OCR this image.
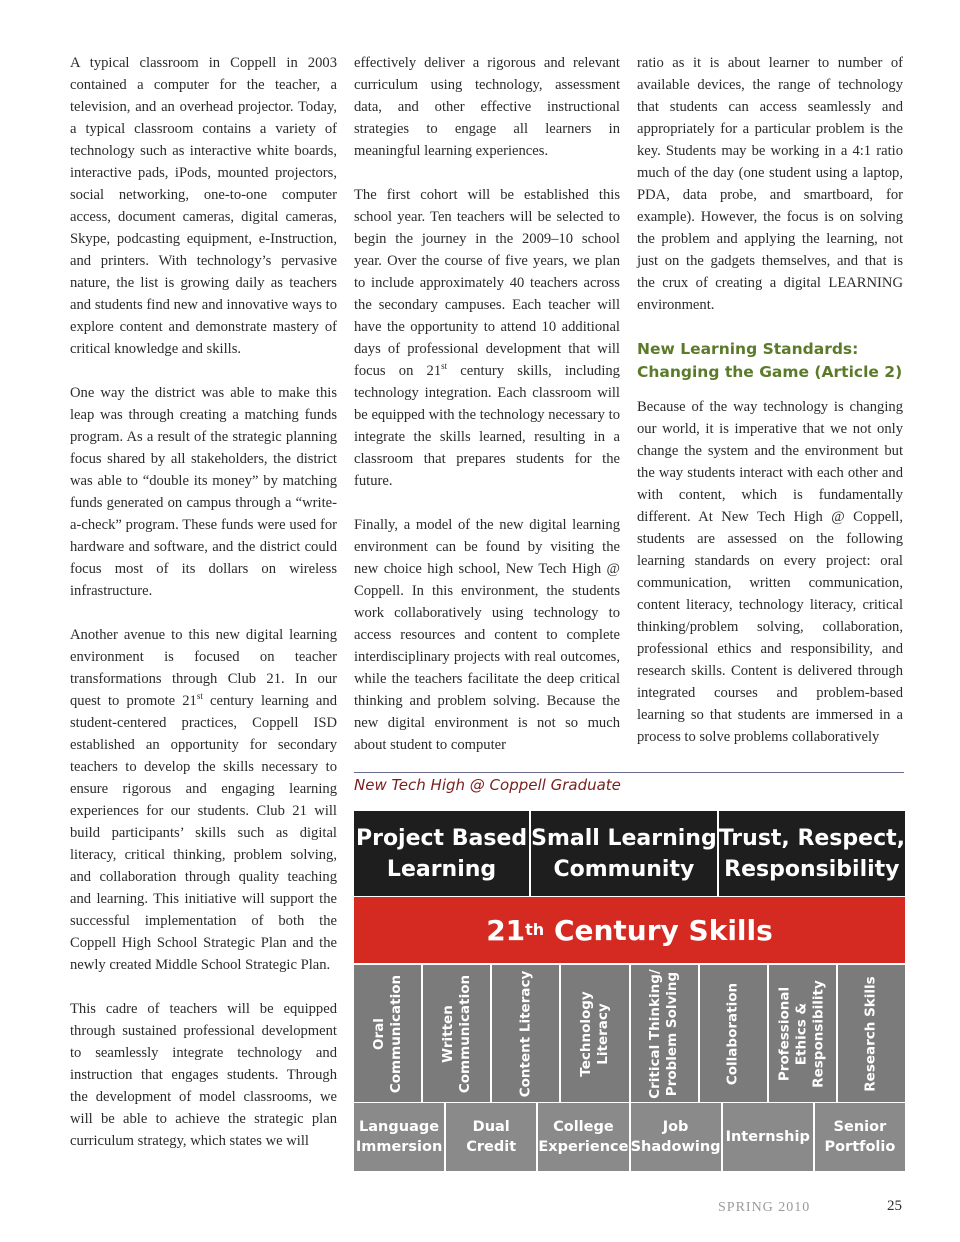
A typical classroom in Coppell in 2003 contained a computer for the teacher, a television, and an overhead projector. Today, a typical classroom contains a variety of technology such as interactive white boards, interactive pads, iPods, mounted projectors, social networking, one-to-one computer access, document cameras, digital cameras, Skype, podcasting equipment, e-Instruction, and printers. With technology’s pervasive nature, the list is growing daily as teachers and students find new and innovative ways to explore content and demonstrate mastery of critical knowledge and skills.

One way the district was able to make this leap was through creating a matching funds program. As a result of the strategic planning focus shared by all stakeholders, the district was able to “double its money” by matching funds generated on campus through a “write-a-check” program. These funds were used for hardware and software, and the district could focus most of its dollars on wireless infrastructure.

Another avenue to this new digital learning environment is focused on teacher transformations through Club 21. In our quest to promote 21st century learning and student-centered practices, Coppell ISD established an opportunity for secondary teachers to develop the skills necessary to ensure rigorous and engaging learning experiences for our students. Club 21 will build participants’ skills such as digital literacy, critical thinking, problem solving, and collaboration through quality teaching and learning. This initiative will support the successful implementation of both the Coppell High School Strategic Plan and the newly created Middle School Strategic Plan.

This cadre of teachers will be equipped through sustained professional development to seamlessly integrate technology and instruction that engages students. Through the development of model classrooms, we will be able to achieve the strategic plan curriculum strategy, which states we will

effectively deliver a rigorous and relevant curriculum using technology, assessment data, and other effective instructional strategies to engage all learners in meaningful learning experiences.

The first cohort will be established this school year. Ten teachers will be selected to begin the journey in the 2009–10 school year. Over the course of five years, we plan to include approximately 40 teachers across the secondary campuses. Each teacher will have the opportunity to attend 10 additional days of professional development that will focus on 21st century skills, including technology integration. Each classroom will be equipped with the technology necessary to integrate the skills learned, resulting in a classroom that prepares students for the future.

Finally, a model of the new digital learning environment can be found by visiting the new choice high school, New Tech High @ Coppell. In this environment, the students work collaboratively using technology to access resources and content to complete interdisciplinary projects with real outcomes, while the teachers facilitate the deep critical thinking and problem solving. Because the new digital environment is not so much about student to computer

ratio as it is about learner to number of available devices, the range of technology that students can access seamlessly and appropriately for a particular problem is the key. Students may be working in a 4:1 ratio much of the day (one student using a laptop, PDA, data probe, and smartboard, for example). However, the focus is on solving the problem and applying the learning, not just on the gadgets themselves, and that is the crux of creating a digital LEARNING environment.

New Learning Standards:
Changing the Game (Article 2)

Because of the way technology is changing our world, it is imperative that we not only change the system and the environment but the way students interact with each other and with content, which is fundamentally different. At New Tech High @ Coppell, students are assessed on the following learning standards on every project: oral communication, written communication, content literacy, technology literacy, critical thinking/problem solving, collaboration, professional ethics and responsibility, and research skills. Content is delivered through integrated courses and problem-based learning so that students are immersed in a process to solve problems collaboratively

New Tech High @ Coppell Graduate
Project Based
Learning
Small Learning
Community
Trust, Respect,
Responsibility
21 th Century Skills
Oral
Communication	Written
Communication	Content Literacy	Technology
Literacy
Critical Thinking/
Problem Solving	Collaboration	Professional
Ethics &
Responsibility	Research Skills
Language
Immersion
Dual
Credit
College
Experience
Job
Shadowing
Internship
Senior
Portfolio
SPRING 2010	25
